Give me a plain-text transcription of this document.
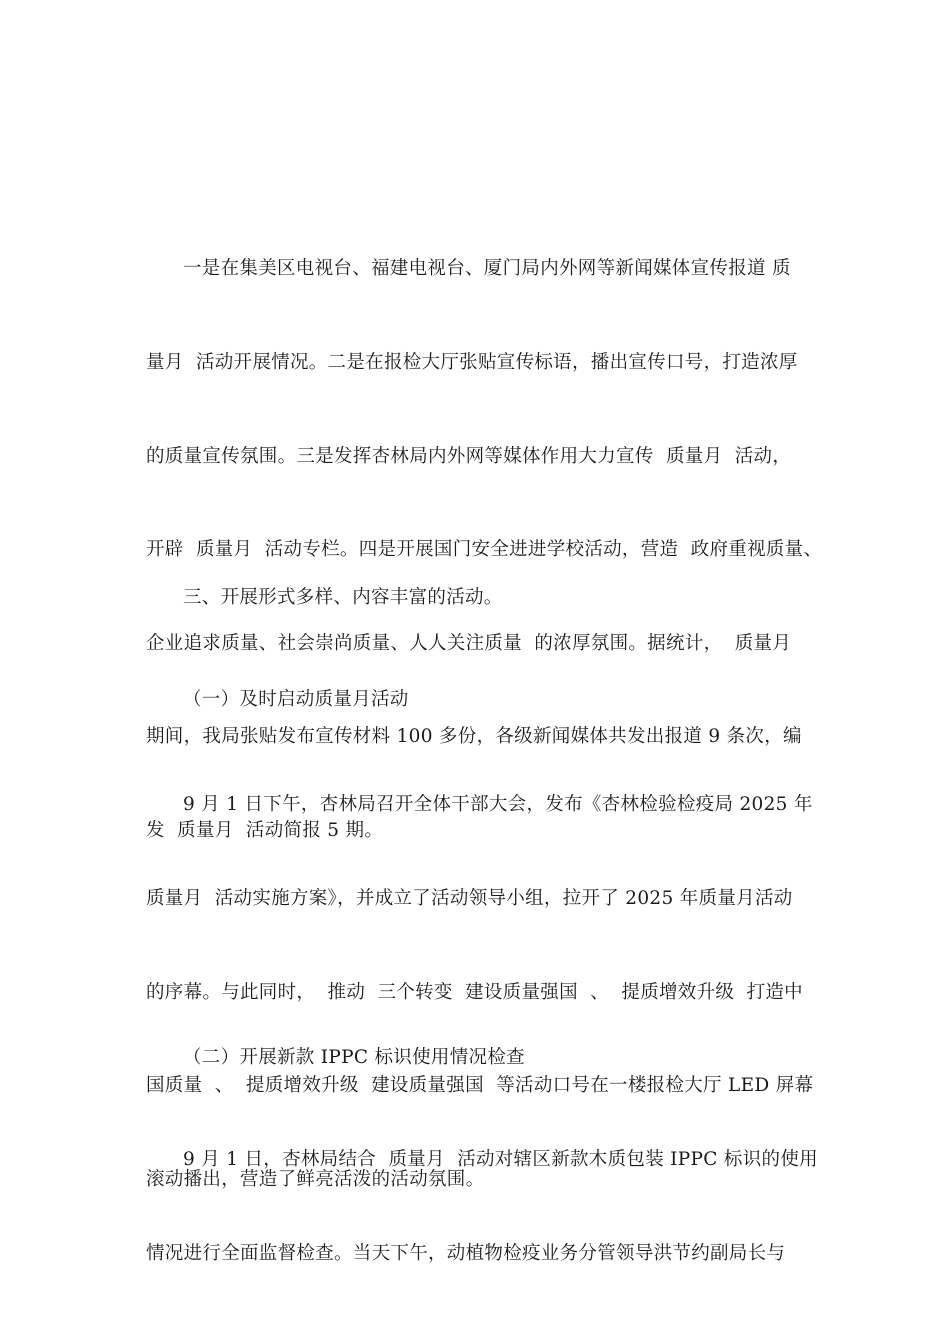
一是在集美区电视台、福建电视台、厦门局内外网等新闻媒体宣传报道 质

量月  活动开展情况。二是在报检大厅张贴宣传标语，播出宣传口号，打造浓厚

的质量宣传氛围。三是发挥杏林局内外网等媒体作用大力宣传  质量月  活动，

开辟  质量月  活动专栏。四是开展国门安全进进学校活动，营造  政府重视质量、

企业追求质量、社会崇尚质量、人人关注质量  的浓厚氛围。据统计，  质量月

期间，我局张贴发布宣传材料 100 多份，各级新闻媒体共发出报道 9 条次，编

发  质量月  活动简报 5 期。

三、开展形式多样、内容丰富的活动。

（一）及时启动质量月活动

9 月 1 日下午，杏林局召开全体干部大会，发布《杏林检验检疫局 2025 年

质量月  活动实施方案》，并成立了活动领导小组，拉开了 2025 年质量月活动

的序幕。与此同时，  推动  三个转变  建设质量强国  、  提质增效升级  打造中

国质量  、  提质增效升级  建设质量强国  等活动口号在一楼报检大厅 LED 屏幕

滚动播出，营造了鲜亮活泼的活动氛围。

（二）开展新款 IPPC 标识使用情况检查

9 月 1 日，杏林局结合  质量月  活动对辖区新款木质包装 IPPC 标识的使用

情况进行全面监督检查。当天下午，动植物检疫业务分管领导洪节约副局长与
